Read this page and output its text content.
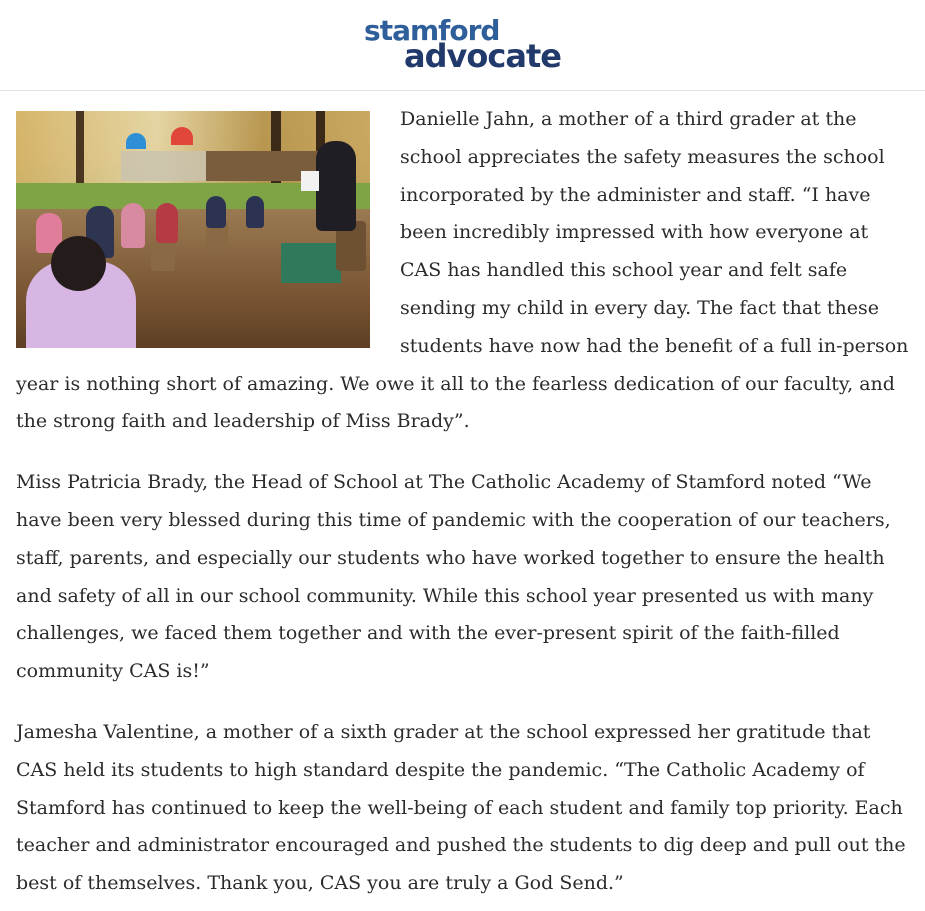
stamford
advocate

Danielle Jahn, a mother of a third grader at the school appreciates the safety measures the school incorporated by the administer and staff. “I have been incredibly impressed with how everyone at CAS has handled this school year and felt safe sending my child in every day. The fact that these students have now had the benefit of a full in-person year is nothing short of amazing. We owe it all to the fearless dedication of our faculty, and the strong faith and leadership of Miss Brady”.

Miss Patricia Brady, the Head of School at The Catholic Academy of Stamford noted “We have been very blessed during this time of pandemic with the cooperation of our teachers, staff, parents, and especially our students who have worked together to ensure the health and safety of all in our school community. While this school year presented us with many challenges, we faced them together and with the ever-present spirit of the faith-filled community CAS is!”

Jamesha Valentine, a mother of a sixth grader at the school expressed her gratitude that CAS held its students to high standard despite the pandemic. “The Catholic Academy of Stamford has continued to keep the well-being of each student and family top priority. Each teacher and administrator encouraged and pushed the students to dig deep and pull out the best of themselves. Thank you, CAS you are truly a God Send.”
